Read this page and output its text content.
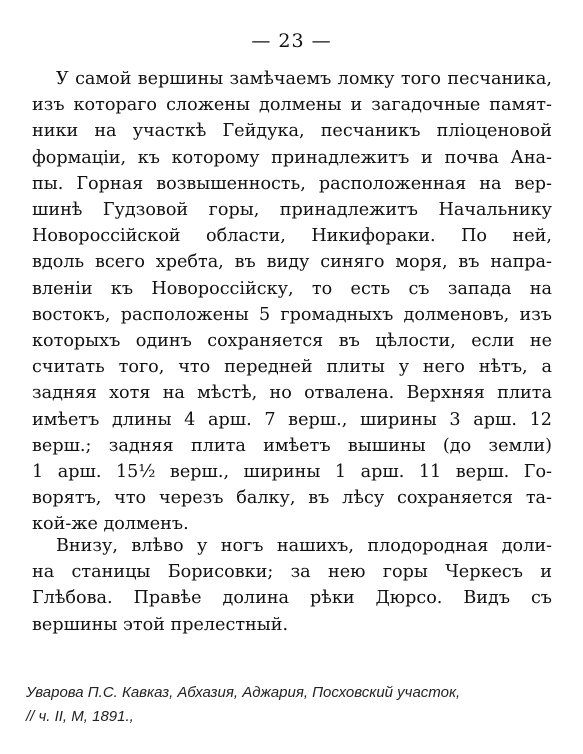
— 23 —
У самой вершины замѣчаемъ ломку того песчаника,
изъ котораго сложены долмены и загадочные памят-
ники на участкѣ Гейдука, песчаникъ пліоценовой
формаціи, къ которому принадлежитъ и почва Ана-
пы. Горная возвышенность, расположенная на вер-
шинѣ Гудзовой горы, принадлежитъ Начальнику
Новороссійской области, Никифораки. По ней,
вдоль всего хребта, въ виду синяго моря, въ напра-
вленіи къ Новороссійску, то есть съ запада на
востокъ, расположены 5 громадныхъ долменовъ, изъ
которыхъ одинъ сохраняется въ цѣлости, если не
считать того, что передней плиты у него нѣтъ, а
задняя хотя на мѣстѣ, но отвалена. Верхняя плита
имѣетъ длины 4 арш. 7 верш., ширины 3 арш. 12
верш.; задняя плита имѣетъ вышины (до земли)
1 арш. 15½ верш., ширины 1 арш. 11 верш. Го-
ворятъ, что черезъ балку, въ лѣсу сохраняется та-
кой-же долменъ.
Внизу, влѣво у ногъ нашихъ, плодородная доли-
на станицы Борисовки; за нею горы Черкесъ и
Глѣбова. Правѣе долина рѣки Дюрсо. Видъ съ
вершины этой прелестный.
Уварова П.С. Кавказ, Абхазия, Аджария, Посховский участок,
// ч. II, М, 1891.,
